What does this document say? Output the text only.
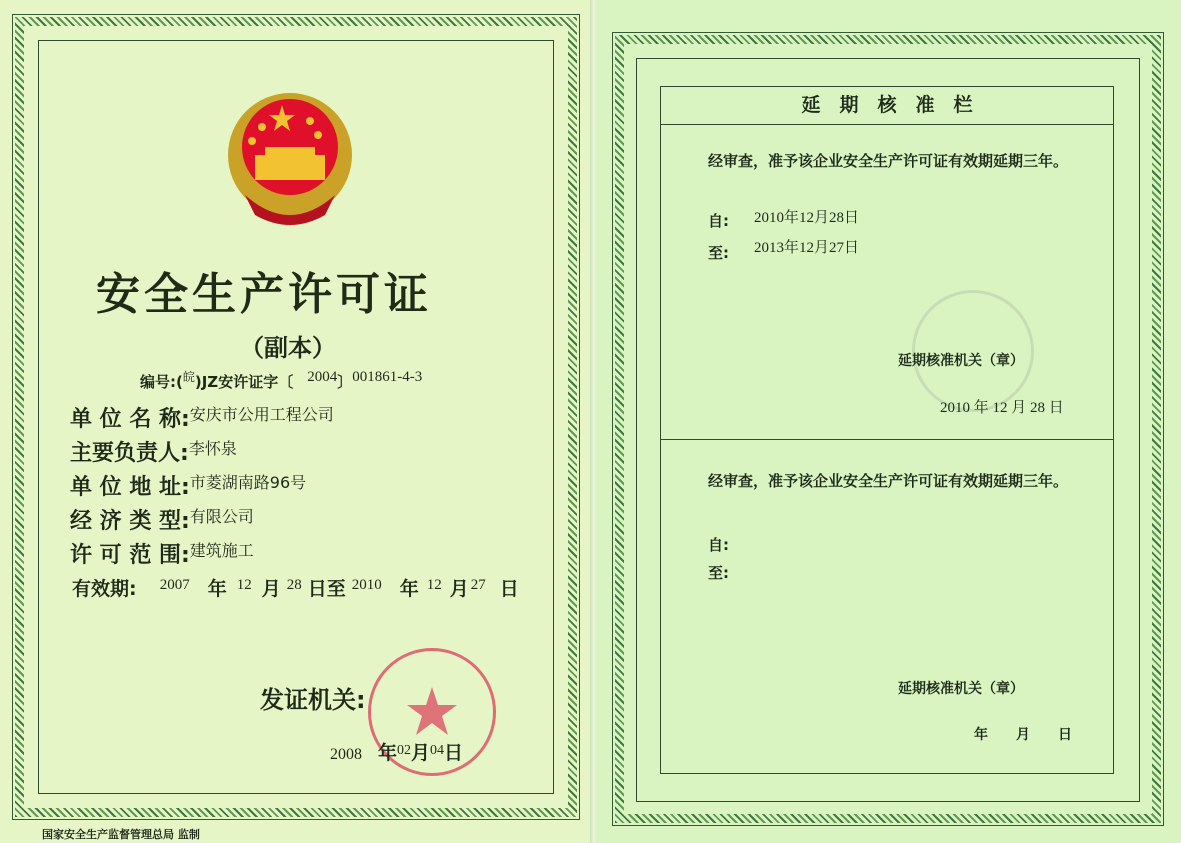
安全生产许可证
（副本）
编号:($^皖$)JZ安许证字〔 $^{2004}$〕$^{001861-4-3}$
单 位 名 称:安庆市公用工程公司
主要负责人:李怀泉
单 位 地 址:市菱湖南路96号
经 济 类 型:有限公司
许 可 范 围:建筑施工
有效期: $^{2007}$ 年 $^{12}$ 月 $^{28}$ 日至 $^{2010}$ 年 $^{12}$ 月 $^{27}$ 日
发证机关:
2008 年02月04日
国家安全生产监督管理总局 监制
延　期　核　准　栏
经审查，准予该企业安全生产许可证有效期延期三年。
自: 2010年12月28日
至: 2013年12月27日
延期核准机关（章）
2010 年 12 月 28 日
经审查，准予该企业安全生产许可证有效期延期三年。
自:
至:
延期核准机关（章）
年　　月　　日
